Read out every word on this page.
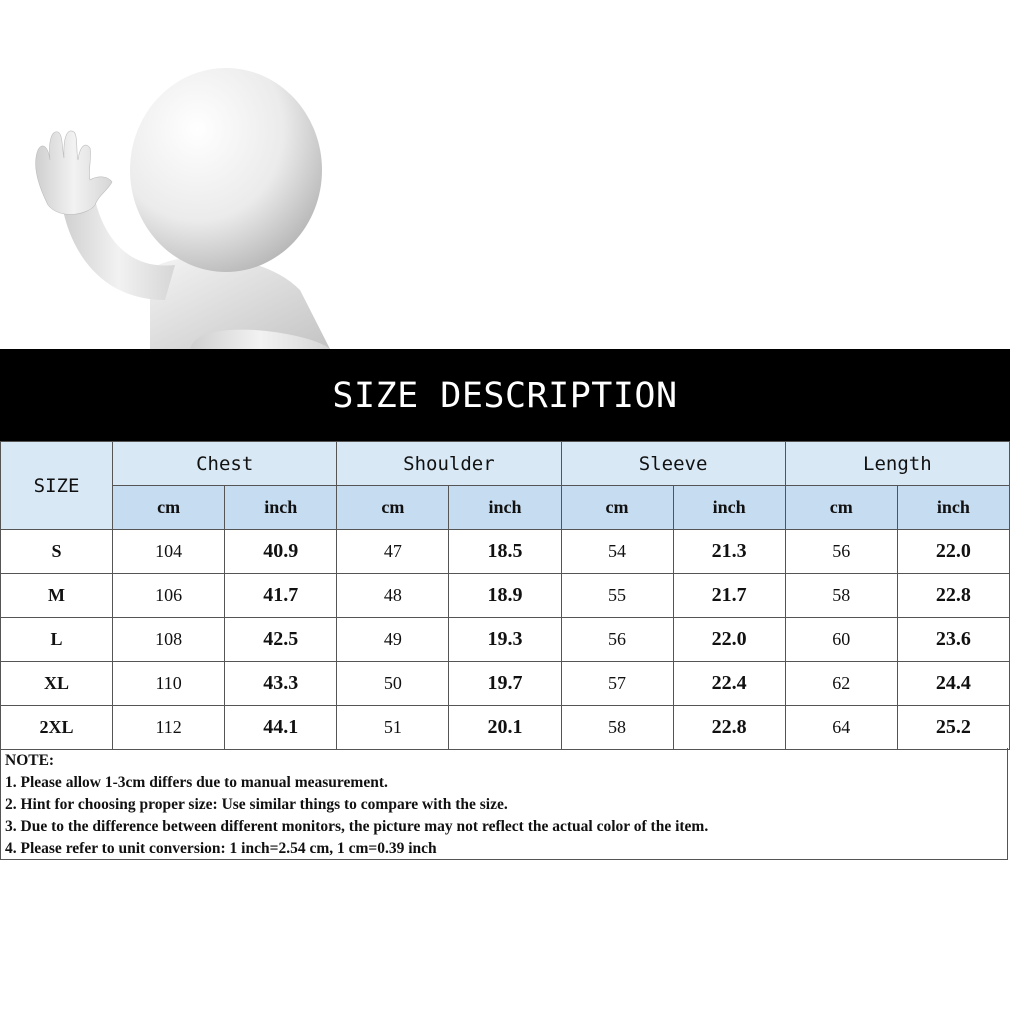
SIZE DESCRIPTION
SIZE	Chest		Shoulder		Sleeve		Length	
	cm	inch	cm	inch	cm	inch	cm	inch
S	104	40.9	47	18.5	54	21.3	56	22.0
M	106	41.7	48	18.9	55	21.7	58	22.8
L	108	42.5	49	19.3	56	22.0	60	23.6
XL	110	43.3	50	19.7	57	22.4	62	24.4
2XL	112	44.1	51	20.1	58	22.8	64	25.2
NOTE:
1. Please allow 1-3cm differs due to manual measurement.
2. Hint for choosing proper size: Use similar things to compare with the size.
3. Due to the difference between different monitors, the picture may not reflect the actual color of the item.
4. Please refer to unit conversion: 1 inch=2.54 cm, 1 cm=0.39 inch
